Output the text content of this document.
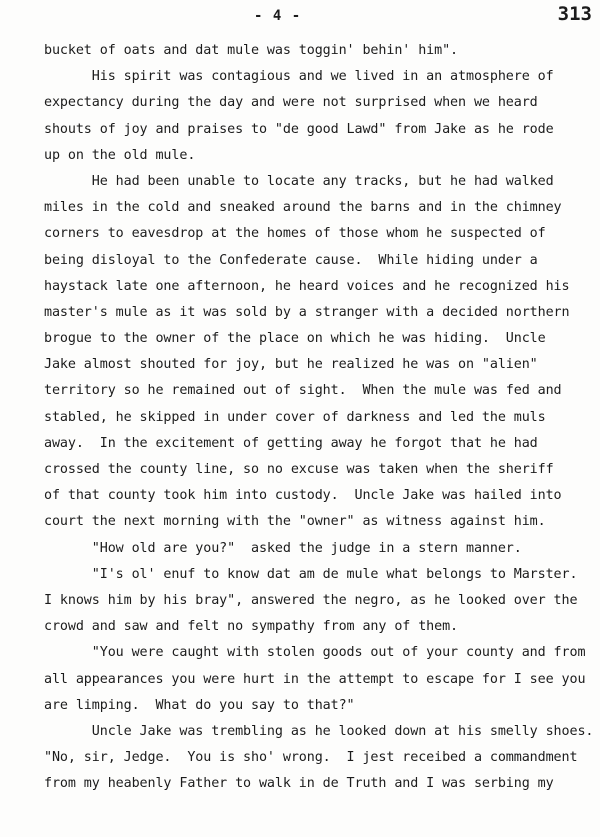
- 4 -	313
bucket of oats and dat mule was toggin' behin' him".
His spirit was contagious and we lived in an atmosphere of
expectancy during the day and were not surprised when we heard
shouts of joy and praises to "de good Lawd" from Jake as he rode
up on the old mule.
He had been unable to locate any tracks, but he had walked
miles in the cold and sneaked around the barns and in the chimney
corners to eavesdrop at the homes of those whom he suspected of
being disloyal to the Confederate cause.  While hiding under a
haystack late one afternoon, he heard voices and he recognized his
master's mule as it was sold by a stranger with a decided northern
brogue to the owner of the place on which he was hiding.  Uncle
Jake almost shouted for joy, but he realized he was on "alien"
territory so he remained out of sight.  When the mule was fed and
stabled, he skipped in under cover of darkness and led the muls
away.  In the excitement of getting away he forgot that he had
crossed the county line, so no excuse was taken when the sheriff
of that county took him into custody.  Uncle Jake was hailed into
court the next morning with the "owner" as witness against him.
"How old are you?"  asked the judge in a stern manner.
"I's ol' enuf to know dat am de mule what belongs to Marster.
I knows him by his bray", answered the negro, as he looked over the
crowd and saw and felt no sympathy from any of them.
"You were caught with stolen goods out of your county and from
all appearances you were hurt in the attempt to escape for I see you
are limping.  What do you say to that?"
Uncle Jake was trembling as he looked down at his smelly shoes.
"No, sir, Jedge.  You is sho' wrong.  I jest receibed a commandment
from my heabenly Father to walk in de Truth and I was serbing my
